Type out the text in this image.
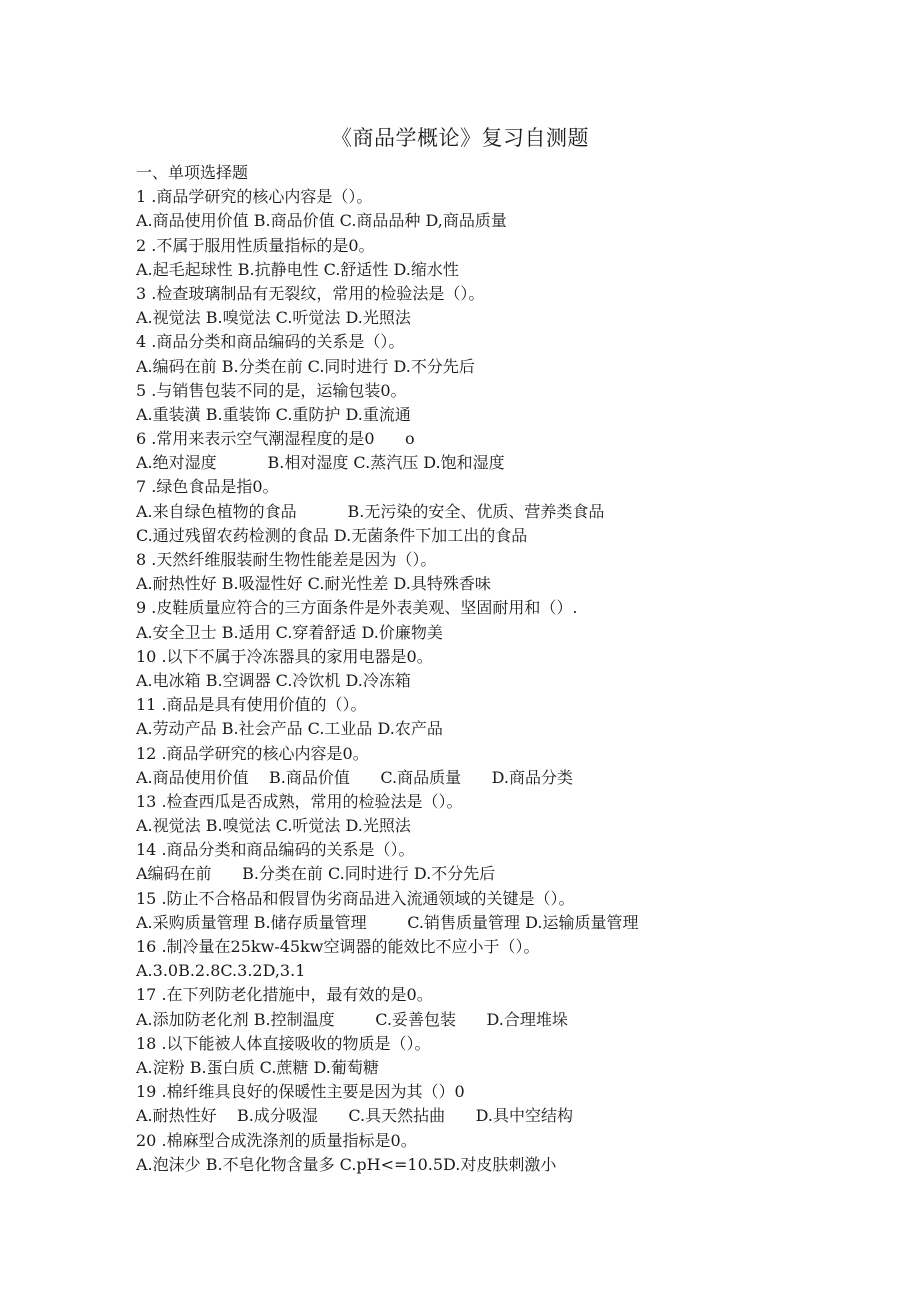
《商品学概论》复习自测题
一、单项选择题
1 .商品学研究的核心内容是（）。
A.商品使用价值 B.商品价值 C.商品品种 D,商品质量
2 .不属于服用性质量指标的是0。
A.起毛起球性 B.抗静电性 C.舒适性 D.缩水性
3 .检查玻璃制品有无裂纹，常用的检验法是（）。
A.视觉法 B.嗅觉法 C.听觉法 D.光照法
4 .商品分类和商品编码的关系是（）。
A.编码在前 B.分类在前 C.同时进行 D.不分先后
5 .与销售包装不同的是，运输包装0。
A.重装潢 B.重装饰 C.重防护 D.重流通
6 .常用来表示空气潮湿程度的是0      o
A.绝对湿度          B.相对湿度 C.蒸汽压 D.饱和湿度
7 .绿色食品是指0。
A.来自绿色植物的食品          B.无污染的安全、优质、营养类食品
C.通过残留农药检测的食品 D.无菌条件下加工出的食品
8 .天然纤维服装耐生物性能差是因为（）。
A.耐热性好 B.吸湿性好 C.耐光性差 D.具特殊香味
9 .皮鞋质量应符合的三方面条件是外表美观、坚固耐用和（）.
A.安全卫士 B.适用 C.穿着舒适 D.价廉物美
10 .以下不属于冷冻器具的家用电器是0。
A.电冰箱 B.空调器 C.冷饮机 D.冷冻箱
11 .商品是具有使用价值的（）。
A.劳动产品 B.社会产品 C.工业品 D.农产品
12 .商品学研究的核心内容是0。
A.商品使用价值    B.商品价值      C.商品质量      D.商品分类
13 .检查西瓜是否成熟，常用的检验法是（）。
A.视觉法 B.嗅觉法 C.听觉法 D.光照法
14 .商品分类和商品编码的关系是（）。
A编码在前      B.分类在前 C.同时进行 D.不分先后
15 .防止不合格品和假冒伪劣商品进入流通领域的关键是（）。
A.采购质量管理 B.储存质量管理        C.销售质量管理 D.运输质量管理
16 .制冷量在25kw-45kw空调器的能效比不应小于（）。
A.3.0B.2.8C.3.2D,3.1
17 .在下列防老化措施中，最有效的是0。
A.添加防老化剂 B.控制温度        C.妥善包装      D.合理堆垛
18 .以下能被人体直接吸收的物质是（）。
A.淀粉 B.蛋白质 C.蔗糖 D.葡萄糖
19 .棉纤维具良好的保暖性主要是因为其（）0
A.耐热性好    B.成分吸湿      C.具天然拈曲      D.具中空结构
20 .棉麻型合成洗涤剂的质量指标是0。
A.泡沫少 B.不皂化物含量多 C.pH<=10.5D.对皮肤刺激小
